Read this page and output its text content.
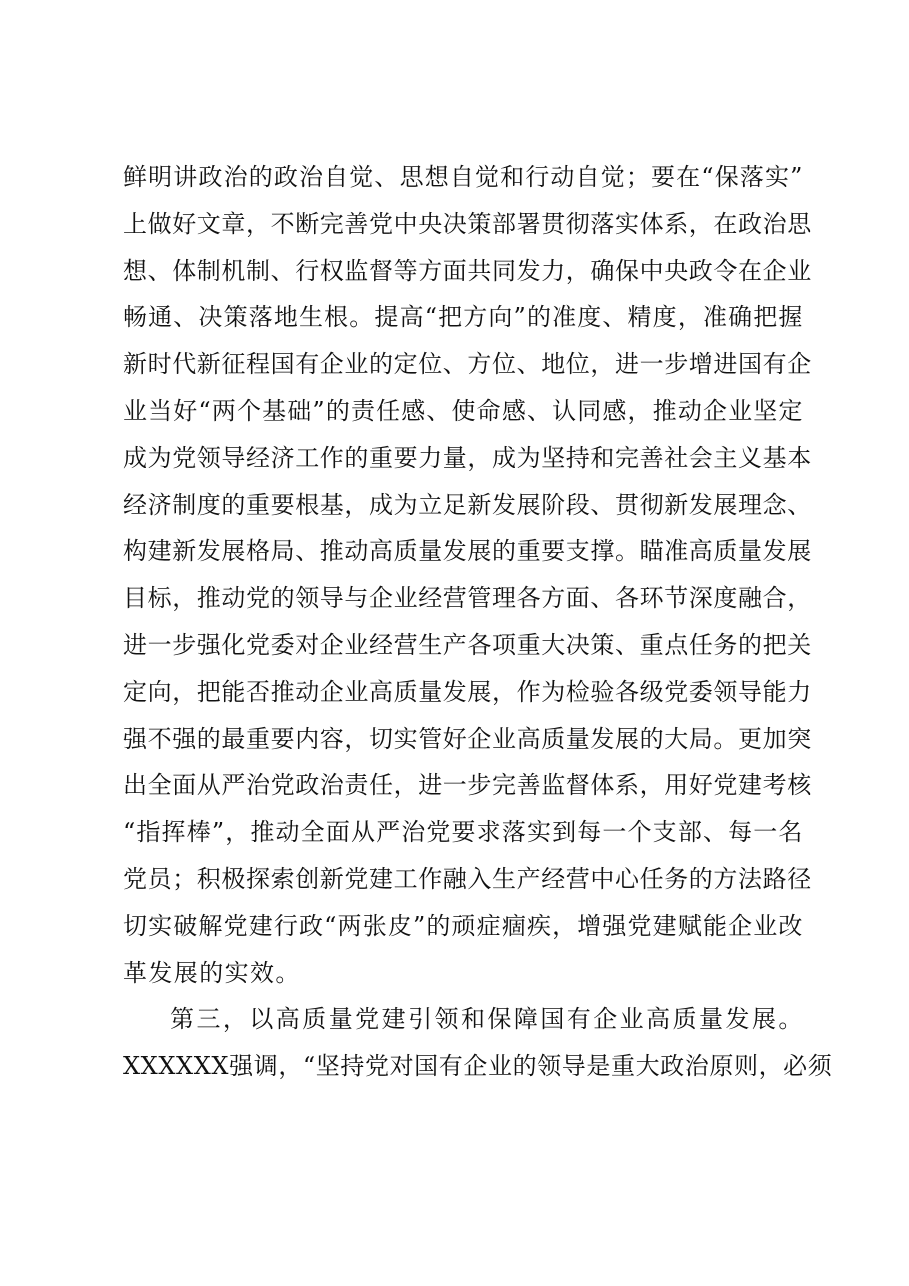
鲜明讲政治的政治自觉、思想自觉和行动自觉；要在“保落实”
上做好文章，不断完善党中央决策部署贯彻落实体系，在政治思
想、体制机制、行权监督等方面共同发力，确保中央政令在企业
畅通、决策落地生根。提高“把方向”的准度、精度，准确把握
新时代新征程国有企业的定位、方位、地位，进一步增进国有企
业当好“两个基础”的责任感、使命感、认同感，推动企业坚定
成为党领导经济工作的重要力量，成为坚持和完善社会主义基本
经济制度的重要根基，成为立足新发展阶段、贯彻新发展理念、
构建新发展格局、推动高质量发展的重要支撑。瞄准高质量发展
目标，推动党的领导与企业经营管理各方面、各环节深度融合，
进一步强化党委对企业经营生产各项重大决策、重点任务的把关
定向，把能否推动企业高质量发展，作为检验各级党委领导能力
强不强的最重要内容，切实管好企业高质量发展的大局。更加突
出全面从严治党政治责任，进一步完善监督体系，用好党建考核
“指挥棒”，推动全面从严治党要求落实到每一个支部、每一名
党员；积极探索创新党建工作融入生产经营中心任务的方法路径
切实破解党建行政“两张皮”的顽症痼疾，增强党建赋能企业改
革发展的实效。
第三，以高质量党建引领和保障国有企业高质量发展。
XXXXXX强调，“坚持党对国有企业的领导是重大政治原则，必须
